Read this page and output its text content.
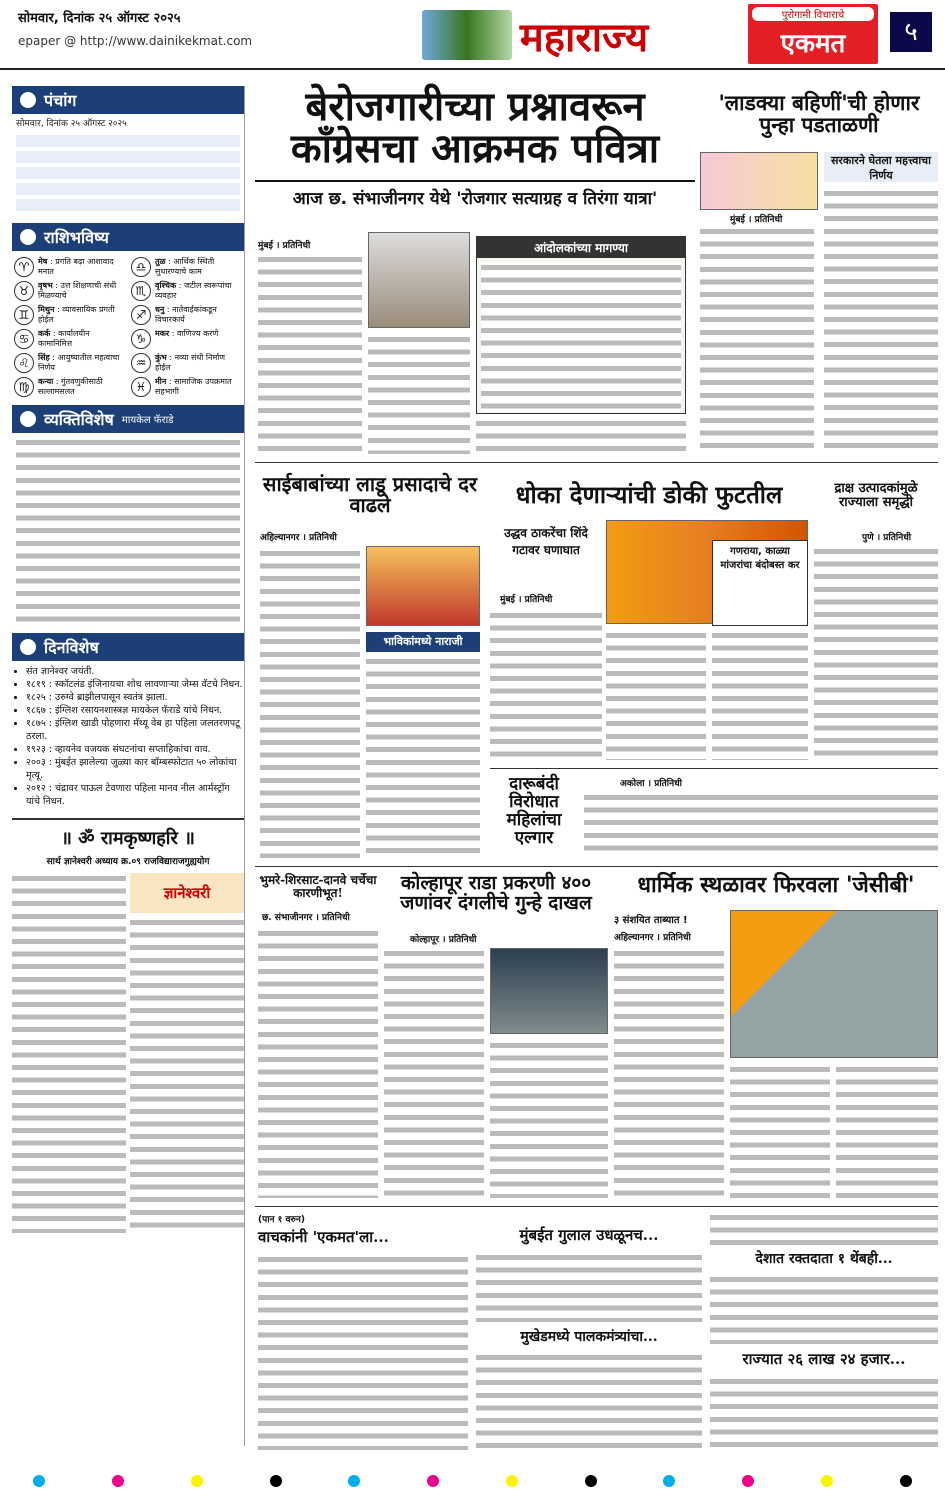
सोमवार, दिनांक २५ ऑगस्ट २०२५
epaper @ http://www.dainikekmat.com	महाराज्य	पुरोगामी विचाराचे
एकमत	५
पंचांग
सोमवार, दिनांक २५ ऑगस्ट २०२५
राशिभविष्य
♈	मेष : प्रगति बढ़ा आशावाद मनात	♎	तुळ : आर्थिक स्थिती सुधारण्याचे काम
♉	वृषभ : उत्त शिक्षणाची संधी मिळण्याचे	♏	वृश्चिक : जटील स्वरूपांचा व्यवहार
♊	मिथुन : व्यावसायिक प्रगती होईल	♐	धनु : नातेवाईकांकडून विचारकार्य
♋	कर्क : कार्यालयीन कामानिमित्त	♑	मकर : वाणिज्य करणे
♌	सिंह : आयुष्यातील महत्वाचा निर्णय	♒	कुंभ : नव्या संधी निर्माण होईल
♍	कन्या : गुंतवणुकीसाठी सल्लामसलत	♓	मीन : सामाजिक उपक्रमात सहभागी
व्यक्तिविशेष मायकेल फॅराडे
दिनविशेष
• संत ज्ञानेश्वर जयंती.
• १८१९ : स्कॉटलंड इंजिनायचा शोध लावणाऱ्या जेम्स वॅटचे निधन.
• १८२५ : उरुग्वे ब्राझीलपासून स्वतंत्र झाला.
• १८६७ : इंग्लिश रसायनशास्त्रज्ञ मायकेल फॅराडे यांचे निधन.
• १८७५ : इंग्लिश खाडी पोहणारा मॅथ्यू वेब हा पहिला जलतरणपटू ठरला.
• १९२३ : व्हायनेव वजयक संघटनांचा सप्ताहिकांचा वाव.
• २००३ : मुंबईत झालेल्या जुळ्या कार बॉम्बस्फोटात ५० लोकांचा मृत्यू.
• २०१२ : चंद्रावर पाऊल टेवणारा पहिला मानव नील आर्मस्ट्रॉंग यांचे निधन.
॥ ॐ रामकृष्णहरि ॥
सार्थ ज्ञानेश्वरी अध्याय क्र.०९ राजविद्याराजगुह्ययोग
ज्ञानेश्वरी
बेरोजगारीच्या प्रश्नावरून काँग्रेसचा आक्रमक पवित्रा
आज छ. संभाजीनगर येथे 'रोजगार सत्याग्रह व तिरंगा यात्रा'
मुंबई । प्रतिनिधी	आंदोलकांच्या मागण्या
'लाडक्या बहिणीं'ची होणार पुन्हा पडताळणी
मुंबई । प्रतिनिधी
सरकारने घेतला महत्त्वाचा निर्णय
साईबाबांच्या लाडू प्रसादाचे दर वाढले
अहिल्यानगर । प्रतिनिधी
भाविकांमध्ये नाराजी
धोका देणाऱ्यांची डोकी फुटतील
उद्धव ठाकरेंचा शिंदे गटावर घणाघात
मुंबई । प्रतिनिधी
द्राक्ष उत्पादकांमुळे राज्याला समृद्धी
पुणे । प्रतिनिधी
गणराया, काळ्या मांजरांचा बंदोबस्त कर
दारूबंदी विरोधात महिलांचा एल्गार
अकोला । प्रतिनिधी
भुमरे-शिरसाट-दानवे चर्चेचा कारणीभूत!
छ. संभाजीनगर । प्रतिनिधी
कोल्हापूर राडा प्रकरणी ४०० जणांवर दंगलीचे गुन्हे दाखल
कोल्हापूर । प्रतिनिधी
धार्मिक स्थळावर फिरवला 'जेसीबी'
३ संशयित ताब्यात !
अहिल्यानगर । प्रतिनिधी
(पान १ वरुन)
वाचकांनी 'एकमत'ला...	मुंबईत गुलाल उधळूनच...
मुखेडमध्ये पालकमंत्र्यांचा...
देशात रक्तदाता १ थेंबही...
राज्यात २६ लाख २४ हजार...
